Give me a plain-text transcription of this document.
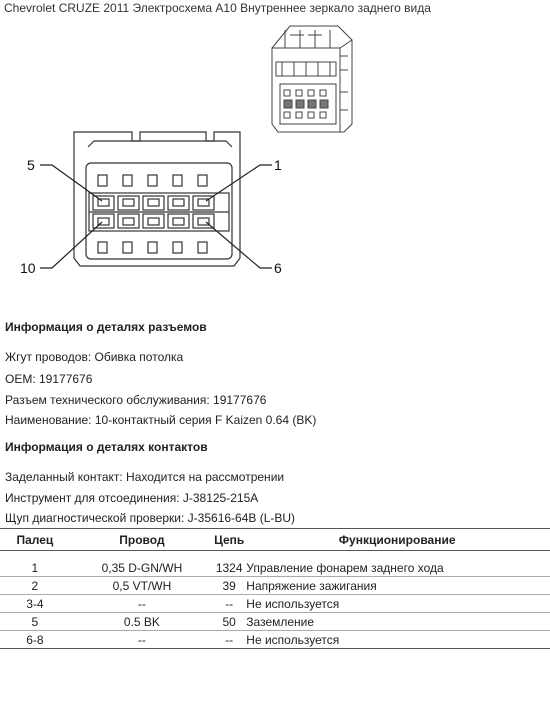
Chevrolet CRUZE 2011 Электросхема A10 Внутреннее зеркало заднего вида
5	1
10	6
Информация о деталях разъемов
Жгут проводов: Обивка потолка
OEM: 19177676
Разъем технического обслуживания: 19177676
Наименование: 10-контактный серия F Kaizen 0.64 (BK)
Информация о деталях контактов
Заделанный контакт: Находится на рассмотрении
Инструмент для отсоединения: J-38125-215A
Щуп диагностической проверки: J-35616-64B (L-BU)
Палец	Провод	Цепь	Функционирование

1	0,35 D-GN/WH	1324	Управление фонарем заднего хода
2	0,5 VT/WH	39	Напряжение зажигания
3-4	--	--	Не используется
5	0.5 BK	50	Заземление
6-8	--	--	Не используется
